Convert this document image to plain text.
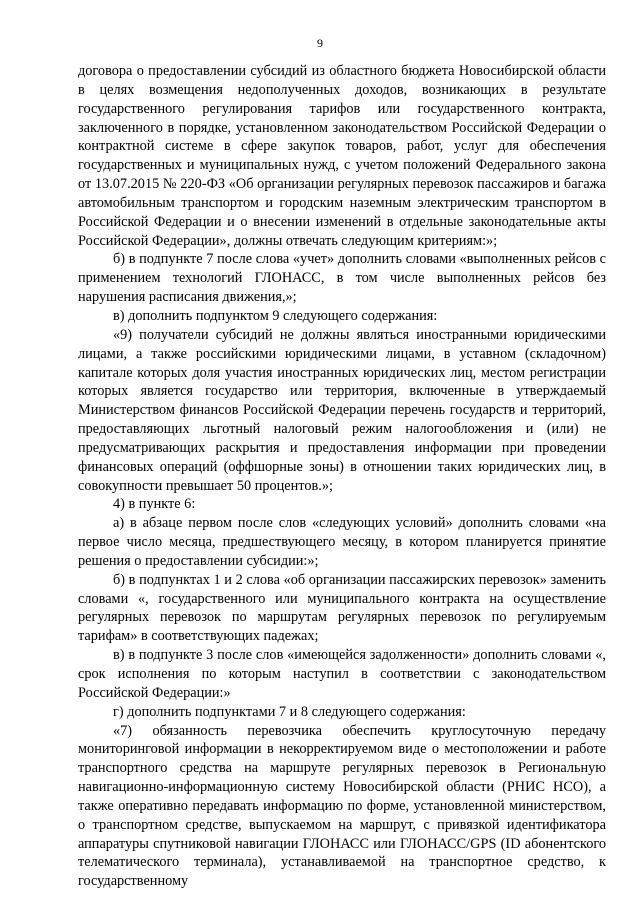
9

договора о предоставлении субсидий из областного бюджета Новосибирской области в целях возмещения недополученных доходов, возникающих в результате государственного регулирования тарифов или государственного контракта, заключенного в порядке, установленном законодательством Российской Федерации о контрактной системе в сфере закупок товаров, работ, услуг для обеспечения государственных и муниципальных нужд, с учетом положений Федерального закона от 13.07.2015 № 220-ФЗ «Об организации регулярных перевозок пассажиров и багажа автомобильным транспортом и городским наземным электрическим транспортом в Российской Федерации и о внесении изменений в отдельные законодательные акты Российской Федерации», должны отвечать следующим критериям:»;

б) в подпункте 7 после слова «учет» дополнить словами «выполненных рейсов с применением технологий ГЛОНАСС, в том числе выполненных рейсов без нарушения расписания движения,»;

в) дополнить подпунктом 9 следующего содержания:

«9) получатели субсидий не должны являться иностранными юридическими лицами, а также российскими юридическими лицами, в уставном (складочном) капитале которых доля участия иностранных юридических лиц, местом регистрации которых является государство или территория, включенные в утверждаемый Министерством финансов Российской Федерации перечень государств и территорий, предоставляющих льготный налоговый режим налогообложения и (или) не предусматривающих раскрытия и предоставления информации при проведении финансовых операций (оффшорные зоны) в отношении таких юридических лиц, в совокупности превышает 50 процентов.»;

4) в пункте 6:

а) в абзаце первом после слов «следующих условий» дополнить словами «на первое число месяца, предшествующего месяцу, в котором планируется принятие решения о предоставлении субсидии:»;

б) в подпунктах 1 и 2 слова «об организации пассажирских перевозок» заменить словами «, государственного или муниципального контракта на осуществление регулярных перевозок по маршрутам регулярных перевозок по регулируемым тарифам» в соответствующих падежах;

в) в подпункте 3 после слов «имеющейся задолженности» дополнить словами «, срок исполнения по которым наступил в соответствии с законодательством Российской Федерации:»

г) дополнить подпунктами 7 и 8 следующего содержания:

«7) обязанность перевозчика обеспечить круглосуточную передачу мониторинговой информации в некорректируемом виде о местоположении и работе транспортного средства на маршруте регулярных перевозок в Региональную навигационно-информационную систему Новосибирской области (РНИС НСО), а также оперативно передавать информацию по форме, установленной министерством, о транспортном средстве, выпускаемом на маршрут, с привязкой идентификатора аппаратуры спутниковой навигации ГЛОНАСС или ГЛОНАСС/GPS (ID абонентского телематического терминала), устанавливаемой на транспортное средство, к государственному
